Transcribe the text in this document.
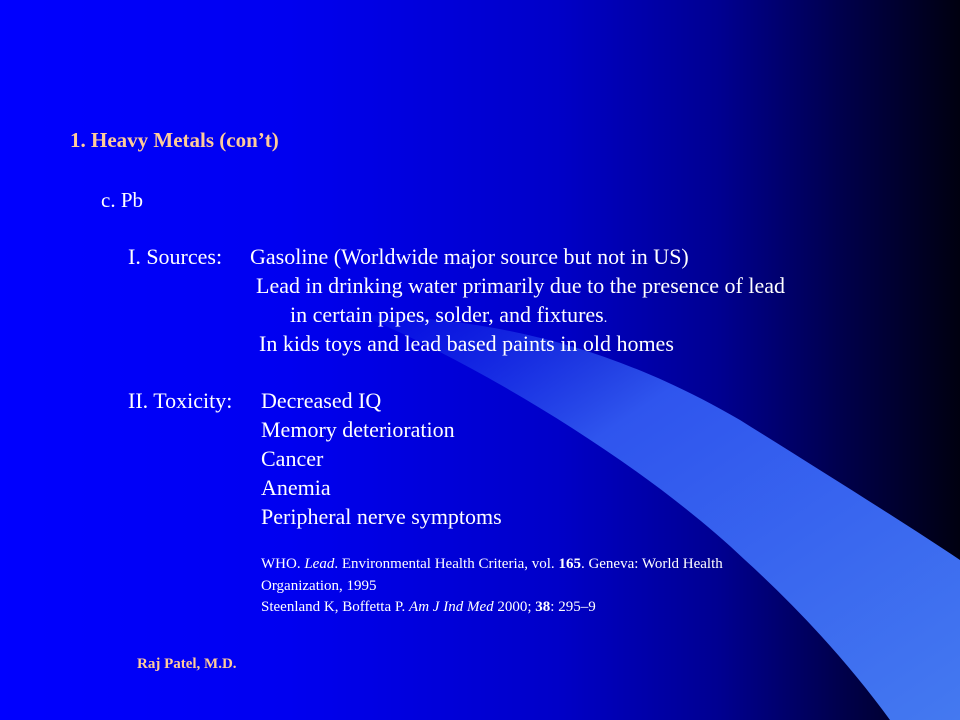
1. Heavy Metals (con’t)
c. Pb
I. Sources: Gasoline (Worldwide major source but not in US)
Lead in drinking water primarily due to the presence of lead
in certain pipes, solder, and fixtures.
In kids toys and lead based paints in old homes
II. Toxicity: Decreased IQ
Memory deterioration
Cancer
Anemia
Peripheral nerve symptoms
WHO. Lead. Environmental Health Criteria, vol. 165. Geneva: World Health
Organization, 1995
Steenland K, Boffetta P. Am J Ind Med 2000; 38: 295–9
Raj Patel, M.D.
